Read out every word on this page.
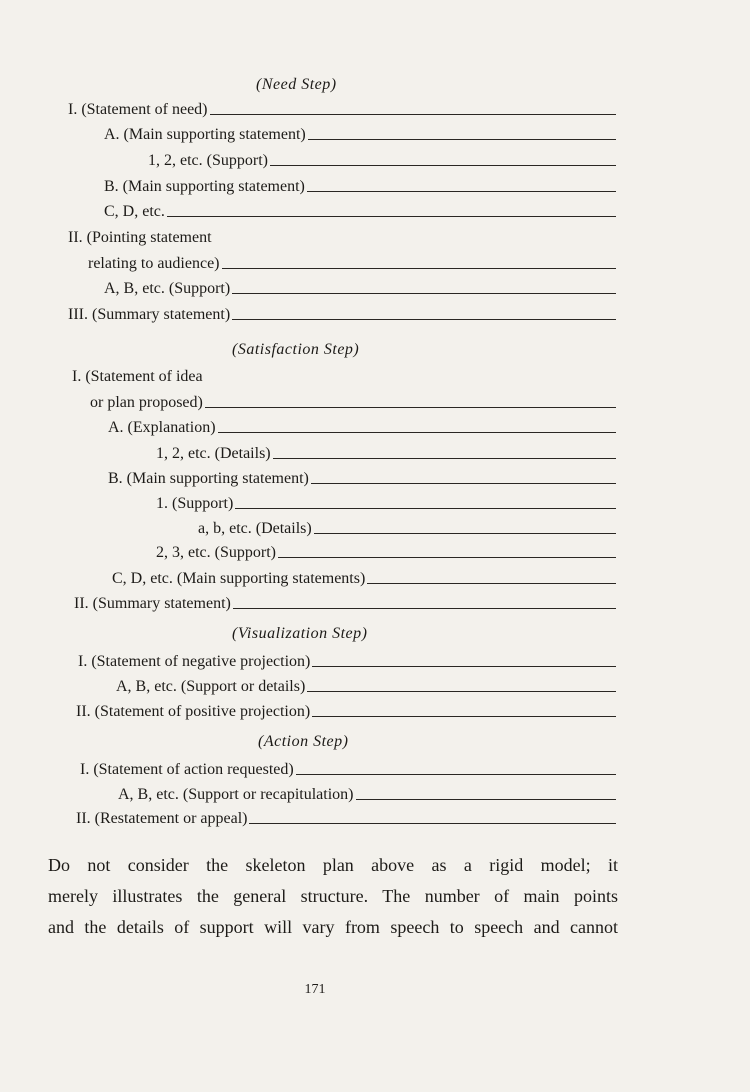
(Need Step)
I. (Statement of need)
A. (Main supporting statement)
1, 2, etc. (Support)
B. (Main supporting statement)
C, D, etc.
II. (Pointing statement
relating to audience)
A, B, etc. (Support)
III. (Summary statement)
(Satisfaction Step)
I. (Statement of idea
or plan proposed)
A. (Explanation)
1, 2, etc. (Details)
B. (Main supporting statement)
1. (Support)
a, b, etc. (Details)
2, 3, etc. (Support)
C, D, etc. (Main supporting statements)
II. (Summary statement)
(Visualization Step)
I. (Statement of negative projection)
A, B, etc. (Support or details)
II. (Statement of positive projection)
(Action Step)
I. (Statement of action requested)
A, B, etc. (Support or recapitulation)
II. (Restatement or appeal)
Do not consider the skeleton plan above as a rigid model; it
merely illustrates the general structure. The number of main points
and the details of support will vary from speech to speech and cannot
171
